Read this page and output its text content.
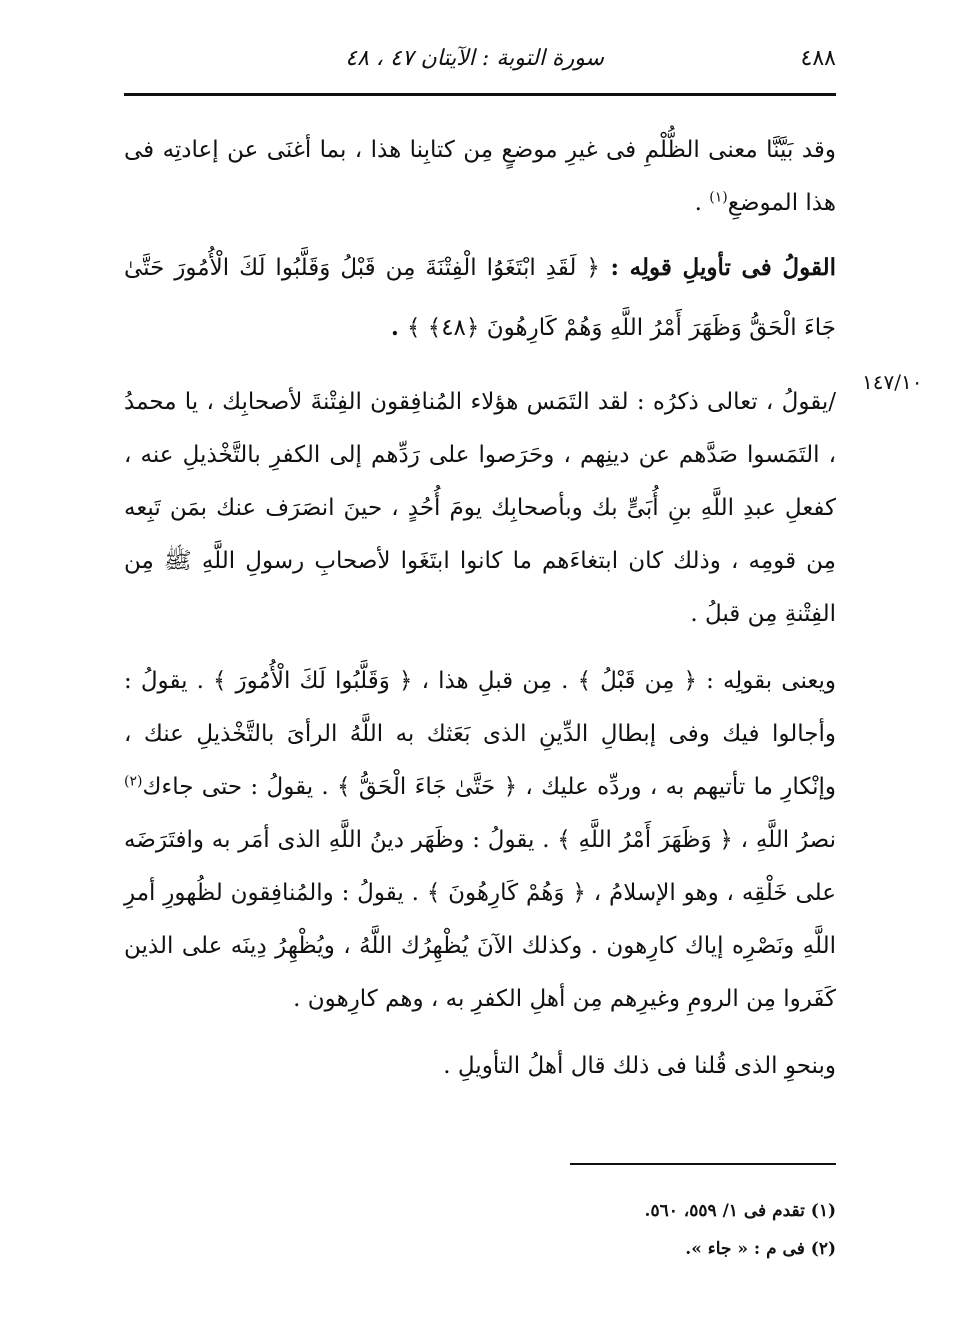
٤٨٨
سورة التوبة : الآيتان ٤٧ ، ٤٨
١٤٧/١٠

وقد بَيَّنَّا معنى الظُّلْمِ فى غيرِ موضعٍ مِن كتابِنا هذا ، بما أغنَى عن إعادتِه فى هذا الموضعِ$^{(١)}$ .

القولُ فى تأويلِ قولِه : ﴿ لَقَدِ ابْتَغَوُا الْفِتْنَةَ مِن قَبْلُ وَقَلَّبُوا لَكَ الْأُمُورَ حَتَّىٰ جَاءَ الْحَقُّ وَظَهَرَ أَمْرُ اللَّهِ وَهُمْ كَارِهُونَ ﴿٤٨﴾ ﴾ .

/يقولُ ، تعالى ذكرُه : لقد التَمَس هؤلاء المُنافِقون الفِتْنةَ لأصحابِك ، يا محمدُ ، التَمَسوا صَدَّهم عن دينِهم ، وحَرَصوا على رَدِّهم إلى الكفرِ بالتَّخْذيلِ عنه ، كفعلِ عبدِ اللَّهِ بنِ أُبَىٍّ بك وبأصحابِك يومَ أُحُدٍ ، حينَ انصَرَف عنك بمَن تَبِعه مِن قومِه ، وذلك كان ابتغاءَهم ما كانوا ابتَغَوا لأصحابِ رسولِ اللَّهِ ﷺ مِن الفِتْنةِ مِن قبلُ .

ويعنى بقولِه : ﴿ مِن قَبْلُ ﴾ . مِن قبلِ هذا ، ﴿ وَقَلَّبُوا لَكَ الْأُمُورَ ﴾ . يقولُ : وأجالوا فيك وفى إبطالِ الدِّينِ الذى بَعَثك به اللَّهُ الرأىَ بالتَّخْذيلِ عنك ، وإنْكارِ ما تأتيهم به ، وردِّه عليك ، ﴿ حَتَّىٰ جَاءَ الْحَقُّ ﴾ . يقولُ : حتى جاءك$^{(٢)}$ نصرُ اللَّهِ ، ﴿ وَظَهَرَ أَمْرُ اللَّهِ ﴾ . يقولُ : وظَهَر دينُ اللَّهِ الذى أمَر به وافتَرَضَه على خَلْقِه ، وهو الإسلامُ ، ﴿ وَهُمْ كَارِهُونَ ﴾ . يقولُ : والمُنافِقون لظُهورِ أمرِ اللَّهِ ونَصْرِه إياك كارِهون . وكذلك الآنَ يُظْهِرُك اللَّهُ ، ويُظْهِرُ دِينَه على الذين كَفَروا مِن الرومِ وغيرِهم مِن أهلِ الكفرِ به ، وهم كارِهون .

وبنحوِ الذى قُلنا فى ذلك قال أهلُ التأويلِ .

(١) تقدم فى ١/ ٥٥٩، ٥٦٠.

(٢) فى م : « جاء ».
